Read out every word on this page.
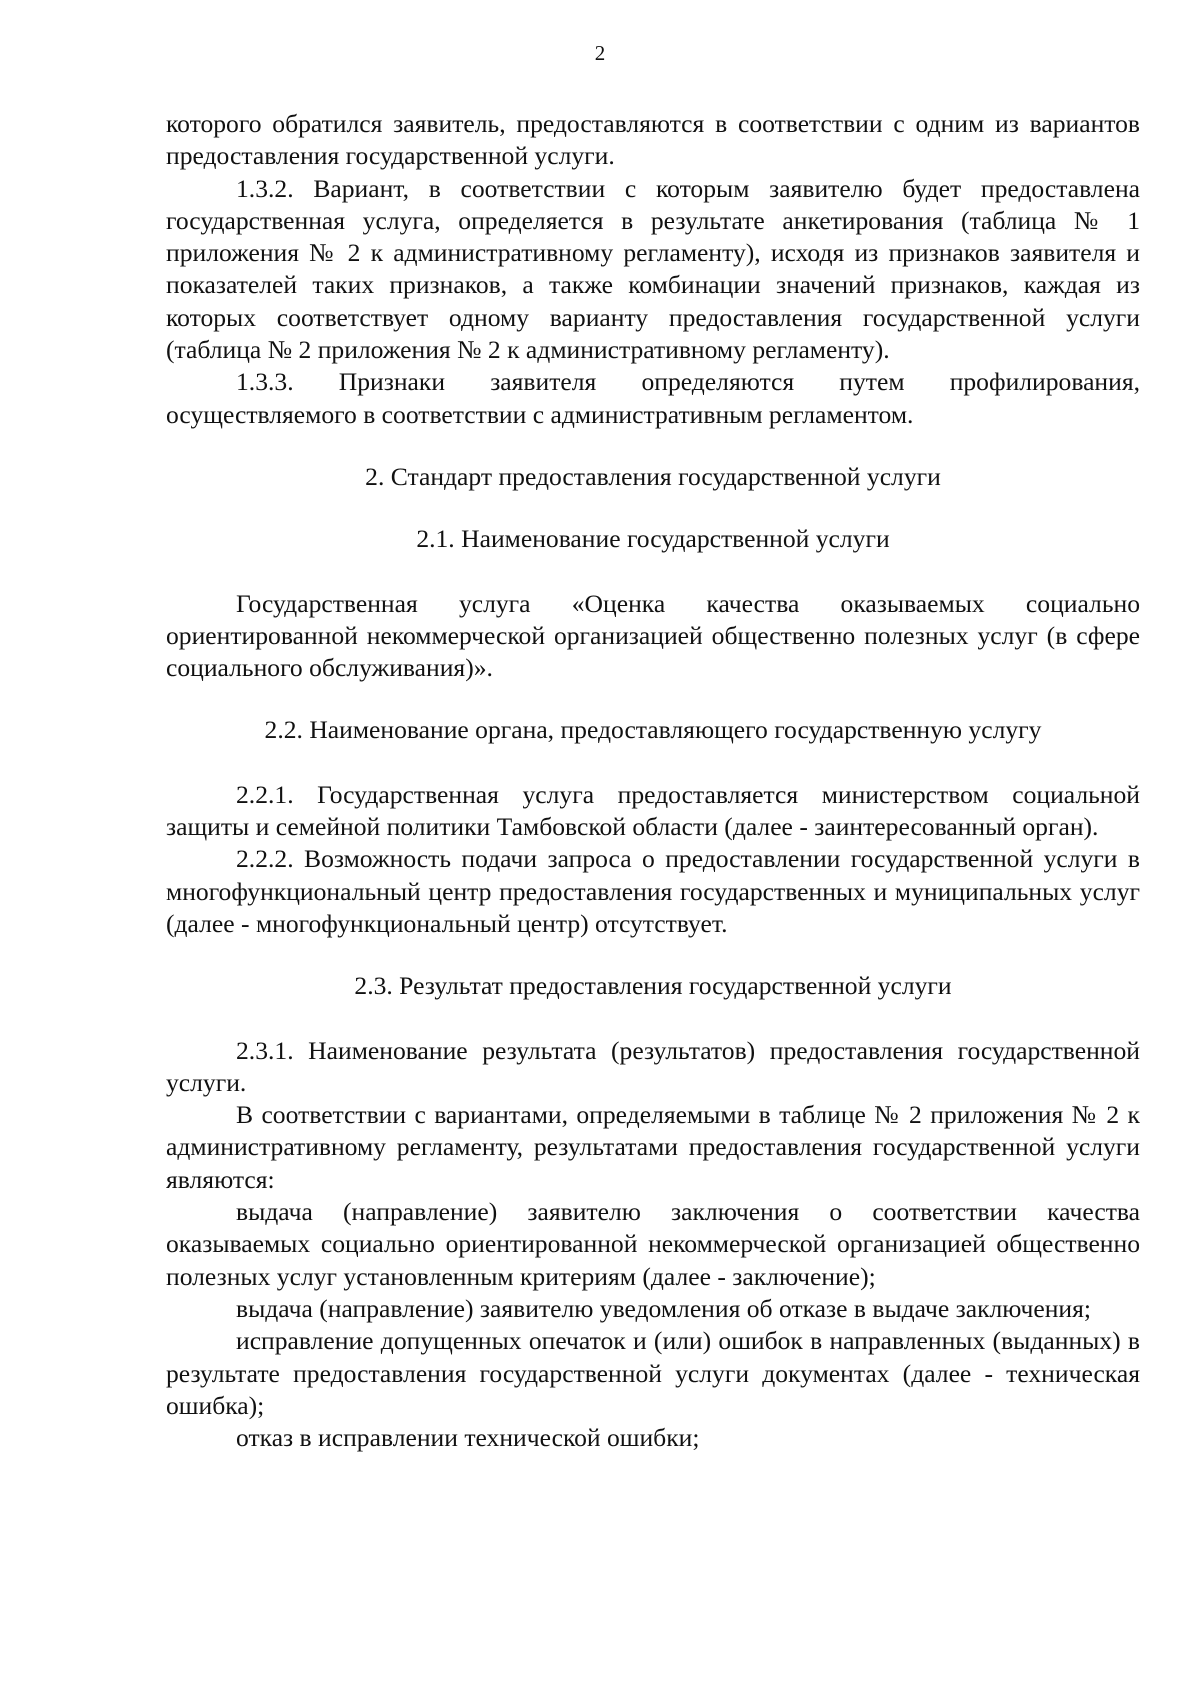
2

которого обратился заявитель, предоставляются в соответствии с одним из вариантов предоставления государственной услуги.

1.3.2. Вариант, в соответствии с которым заявителю будет предоставлена государственная услуга, определяется в результате анкетирования (таблица № 1 приложения № 2 к административному регламенту), исходя из признаков заявителя и показателей таких признаков, а также комбинации значений признаков, каждая из которых соответствует одному варианту предоставления государственной услуги (таблица № 2 приложения № 2 к административному регламенту).

1.3.3. Признаки заявителя определяются путем профилирования, осуществляемого в соответствии с административным регламентом.

2. Стандарт предоставления государственной услуги

2.1. Наименование государственной услуги

Государственная услуга «Оценка качества оказываемых социально ориентированной некоммерческой организацией общественно полезных услуг (в сфере социального обслуживания)».

2.2. Наименование органа, предоставляющего государственную услугу

2.2.1. Государственная услуга предоставляется министерством социальной защиты и семейной политики Тамбовской области (далее - заинтересованный орган).

2.2.2. Возможность подачи запроса о предоставлении государственной услуги в многофункциональный центр предоставления государственных и муниципальных услуг (далее - многофункциональный центр) отсутствует.

2.3. Результат предоставления государственной услуги

2.3.1. Наименование результата (результатов) предоставления государственной услуги.

В соответствии с вариантами, определяемыми в таблице № 2 приложения № 2 к административному регламенту, результатами предоставления государственной услуги являются:

выдача (направление) заявителю заключения о соответствии качества оказываемых социально ориентированной некоммерческой организацией общественно полезных услуг установленным критериям (далее - заключение);

выдача (направление) заявителю уведомления об отказе в выдаче заключения;

исправление допущенных опечаток и (или) ошибок в направленных (выданных) в результате предоставления государственной услуги документах (далее - техническая ошибка);

отказ в исправлении технической ошибки;
